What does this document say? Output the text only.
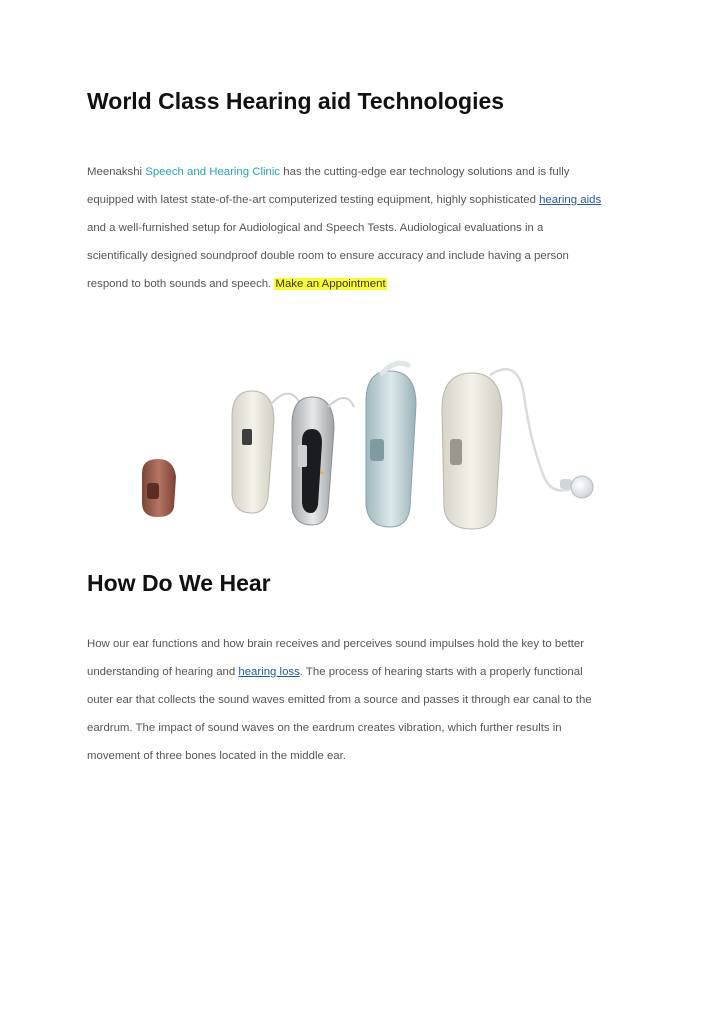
World Class Hearing aid Technologies
Meenakshi Speech and Hearing Clinic has the cutting-edge ear technology solutions and is fully
equipped with latest state-of-the-art computerized testing equipment, highly sophisticated hearing aids
and a well-furnished setup for Audiological and Speech Tests. Audiological evaluations in a
scientifically designed soundproof double room to ensure accuracy and include having a person
respond to both sounds and speech. Make an Appointment
How Do We Hear
How our ear functions and how brain receives and perceives sound impulses hold the key to better
understanding of hearing and hearing loss. The process of hearing starts with a properly functional
outer ear that collects the sound waves emitted from a source and passes it through ear canal to the
eardrum. The impact of sound waves on the eardrum creates vibration, which further results in
movement of three bones located in the middle ear.
